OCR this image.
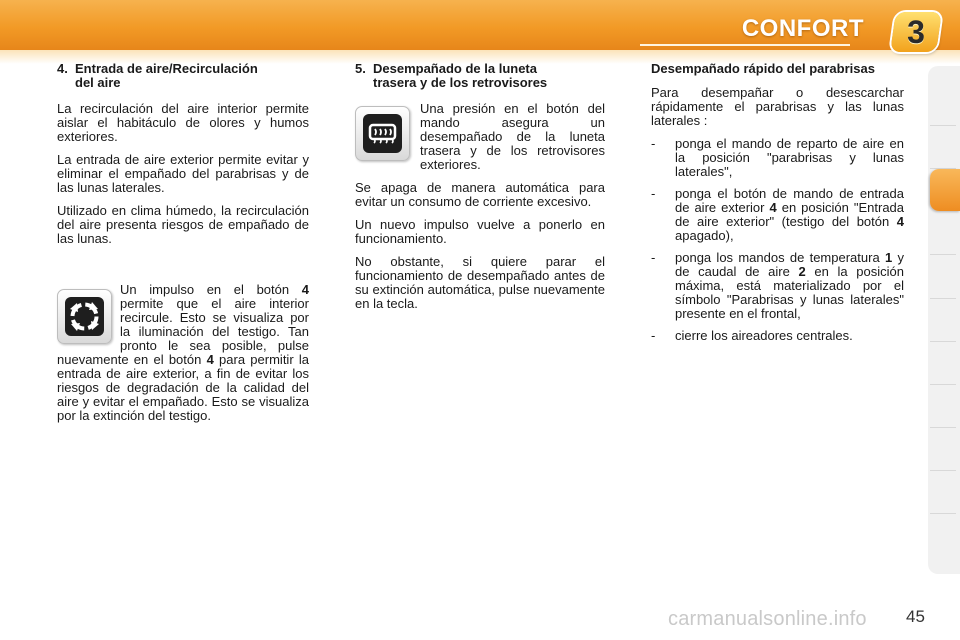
CONFORT	3
4. Entrada de aire/Recirculación
del aire

La recirculación del aire interior permite aislar el habitáculo de olores y humos exteriores.

La entrada de aire exterior permite evitar y eliminar el empañado del parabrisas y de las lunas laterales.

Utilizado en clima húmedo, la recirculación del aire presenta riesgos de empañado de las lunas.

Un impulso en el botón 4 permite que el aire interior recircule. Esto se visualiza por la iluminación del testigo. Tan pronto le sea posible, pulse nuevamente en el botón 4 para permitir la entrada de aire exterior, a fin de evitar los riesgos de degradación de la calidad del aire y evitar el empañado. Esto se visualiza por la extinción del testigo.

5. Desempañado de la luneta
trasera y de los retrovisores

Una presión en el botón del mando asegura un desempañado de la luneta trasera y de los retrovisores exteriores.

Se apaga de manera automática para evitar un consumo de corriente excesivo.

Un nuevo impulso vuelve a ponerlo en funcionamiento.

No obstante, si quiere parar el funcionamiento de desempañado antes de su extinción automática, pulse nuevamente en la tecla.

Desempañado rápido del parabrisas

Para desempañar o desescarchar rápidamente el parabrisas y las lunas laterales :

- ponga el mando de reparto de aire en la posición "parabrisas y lunas laterales",
- ponga el botón de mando de entrada de aire exterior 4 en posición "Entrada de aire exterior" (testigo del botón 4 apagado),
- ponga los mandos de temperatura 1 y de caudal de aire 2 en la posición máxima, está materializado por el símbolo "Parabrisas y lunas laterales" presente en el frontal,
- cierre los aireadores centrales.
carmanualsonline.info 45
